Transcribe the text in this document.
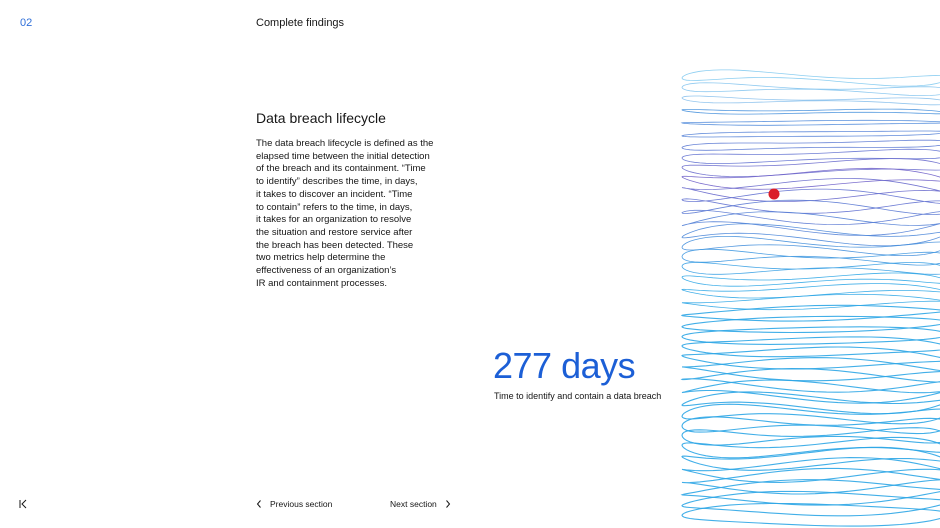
02	Complete findings
Data breach lifecycle

The data breach lifecycle is defined as the
elapsed time between the initial detection
of the breach and its containment. “Time
to identify” describes the time, in days,
it takes to discover an incident. “Time
to contain” refers to the time, in days,
it takes for an organization to resolve
the situation and restore service after
the breach has been detected. These
two metrics help determine the
effectiveness of an organization’s
IR and containment processes.

277 days
Time to identify and contain a data breach
Previous section	Next section
